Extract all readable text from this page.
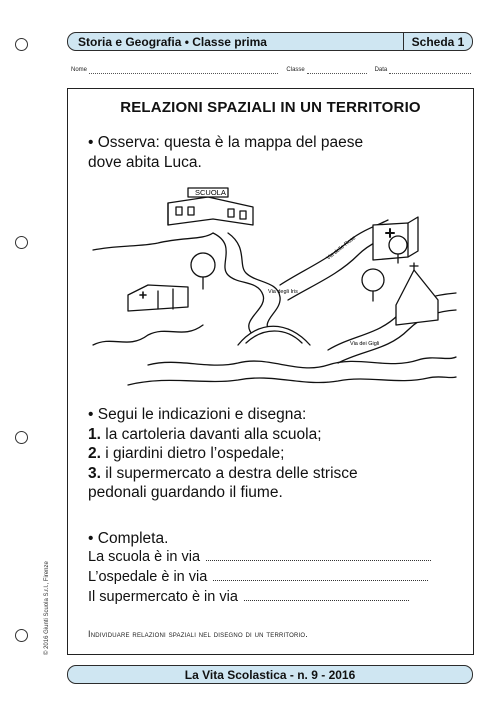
Storia e Geografia • Classe prima	Scheda 1
Nome	Classe	Data
RELAZIONI SPAZIALI IN UN TERRITORIO
• Osserva: questa è la mappa del paese
dove abita Luca.
SCUOLA
Via degli Iris
Via delle Rose
Via dei Gigli
• Segui le indicazioni e disegna:
1. la cartoleria davanti alla scuola;
2. i giardini dietro l’ospedale;
3. il supermercato a destra delle strisce
pedonali guardando il fiume.
• Completa.
La scuola è in via
L’ospedale è in via
Il supermercato è in via
Individuare relazioni spaziali nel disegno di un territorio.
© 2016 Giunti Scuola S.r.l., Firenze
La Vita Scolastica - n. 9 - 2016
